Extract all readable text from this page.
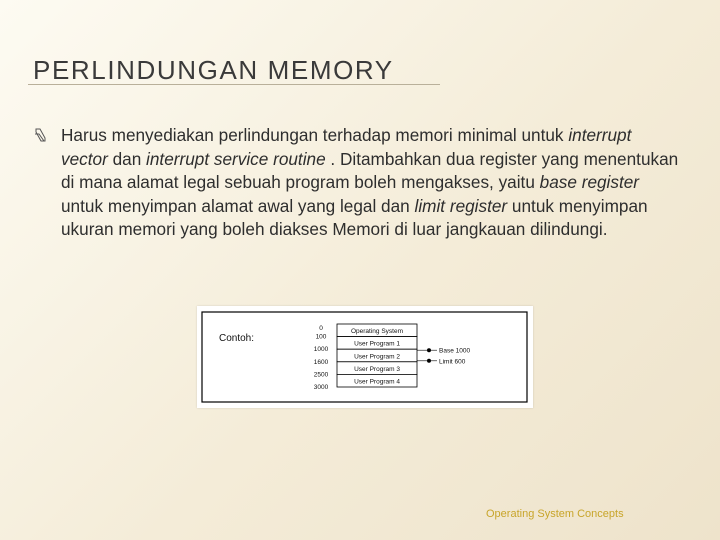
PERLINDUNGAN MEMORY
Harus menyediakan perlindungan terhadap memori minimal untuk interrupt vector dan interrupt service routine . Ditambahkan dua register yang menentukan di mana alamat legal sebuah program boleh mengakses, yaitu base register untuk menyimpan alamat awal yang legal dan limit register untuk menyimpan ukuran memori yang boleh diakses Memori di luar jangkauan dilindungi.
Contoh:
0	Operating System
User Program 1
User Program 2
User Program 3
User Program 4
100
1000
1600
2500
3000
Base 1000
Limit 600
Operating System Concepts
